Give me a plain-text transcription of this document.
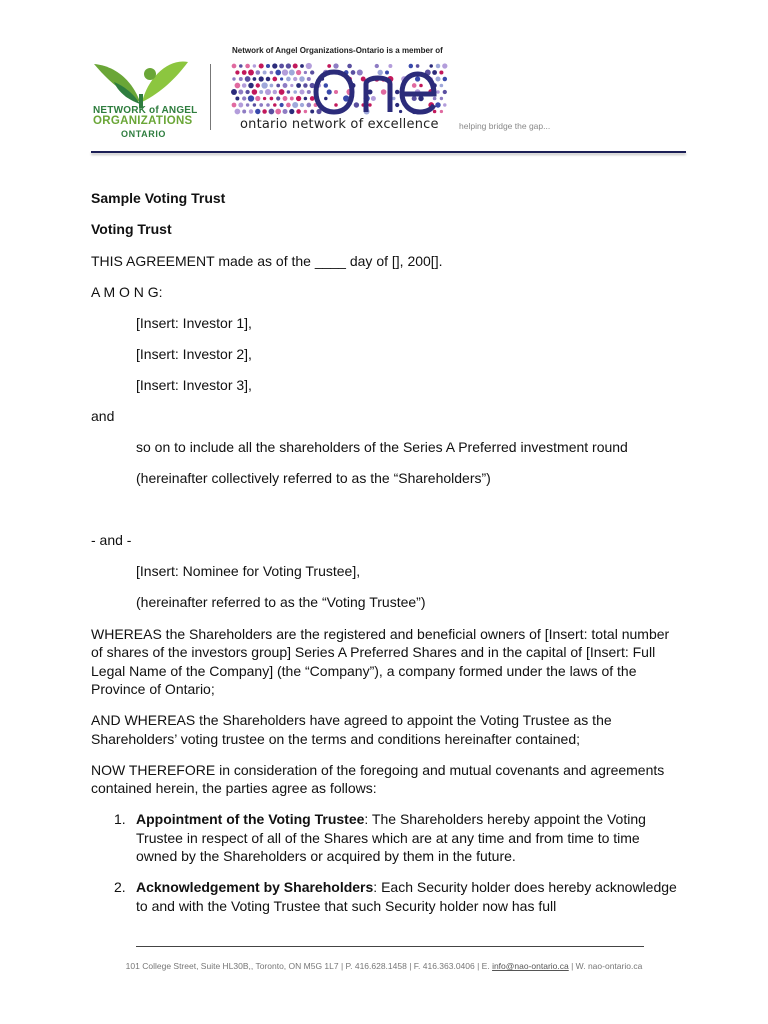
NETWORK of ANGEL
ORGANIZATIONS
ONTARIO
Network of Angel Organizations-Ontario is a member of
ontario network of excellence helping bridge the gap...

Sample Voting Trust

Voting Trust

THIS AGREEMENT made as of the ____ day of [], 200[].

A M O N G:

[Insert: Investor 1],

[Insert: Investor 2],

[Insert: Investor 3],

and

so on to include all the shareholders of the Series A Preferred investment round

(hereinafter collectively referred to as the “Shareholders”)

- and -

[Insert: Nominee for Voting Trustee],

(hereinafter referred to as the “Voting Trustee”)

WHEREAS the Shareholders are the registered and beneficial owners of [Insert: total number of shares of the investors group] Series A Preferred Shares and in the capital of [Insert: Full Legal Name of the Company] (the “Company”), a company formed under the laws of the Province of Ontario;

AND WHEREAS the Shareholders have agreed to appoint the Voting Trustee as the Shareholders’ voting trustee on the terms and conditions hereinafter contained;

NOW THEREFORE in consideration of the foregoing and mutual covenants and agreements contained herein, the parties agree as follows:

1. Appointment of the Voting Trustee: The Shareholders hereby appoint the Voting Trustee in respect of all of the Shares which are at any time and from time to time owned by the Shareholders or acquired by them in the future.
2. Acknowledgement by Shareholders: Each Security holder does hereby acknowledge to and with the Voting Trustee that such Security holder now has full
101 College Street, Suite HL30B,, Toronto, ON M5G 1L7 | P. 416.628.1458 | F. 416.363.0406 | E. info@nao-ontario.ca | W. nao-ontario.ca
